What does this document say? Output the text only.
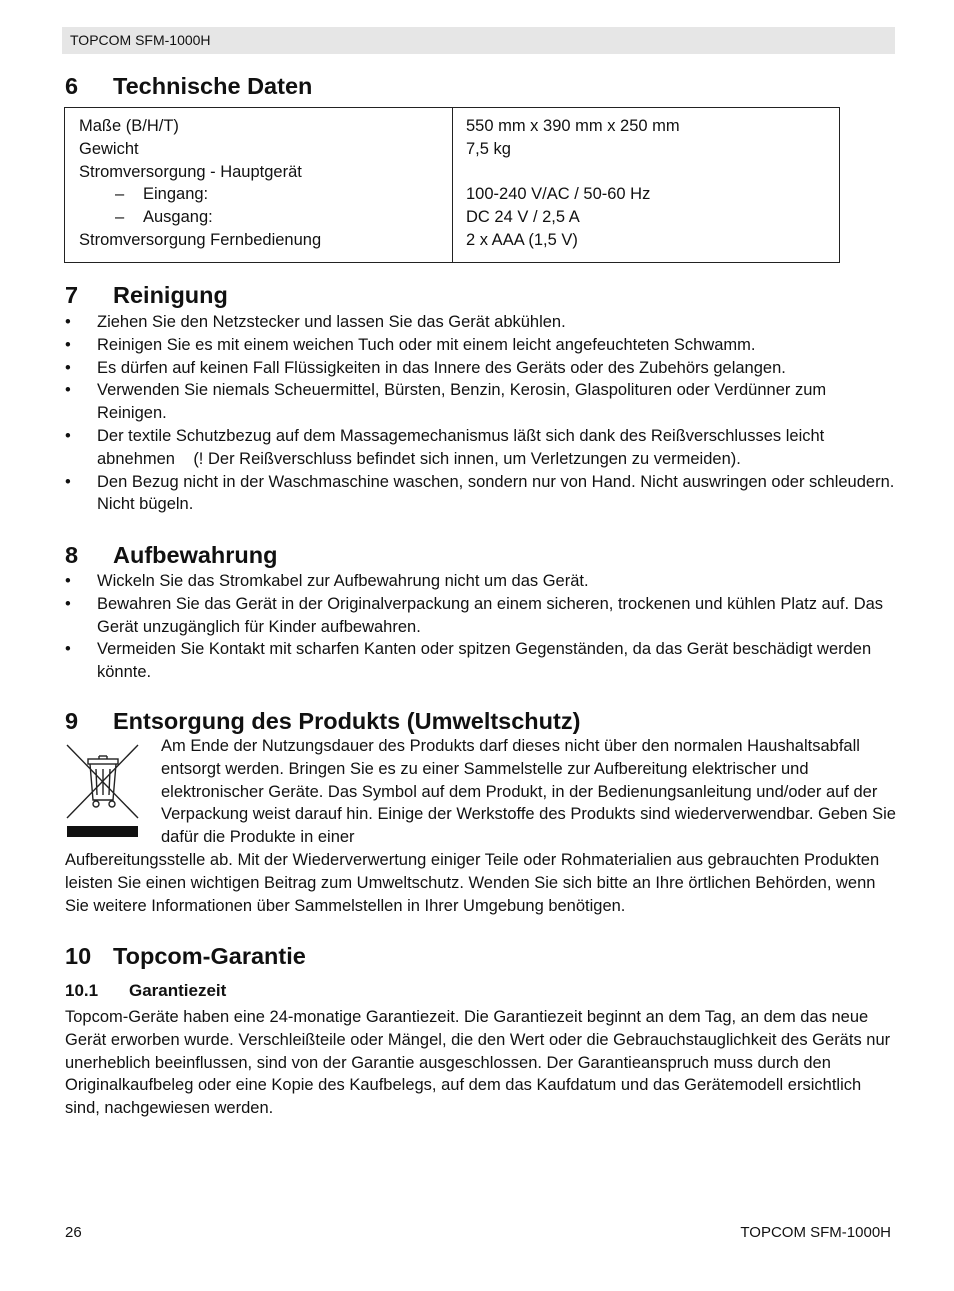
TOPCOM SFM-1000H
6 Technische Daten
Maße (B/H/T)
Gewicht
Stromversorgung - Hauptgerät
– Eingang:
– Ausgang:
Stromversorgung Fernbedienung
550 mm x 390 mm x 250 mm
7,5 kg
100-240 V/AC / 50-60 Hz
DC 24 V / 2,5 A
2 x AAA (1,5 V)
7 Reinigung
• Ziehen Sie den Netzstecker und lassen Sie das Gerät abkühlen.
• Reinigen Sie es mit einem weichen Tuch oder mit einem leicht angefeuchteten Schwamm.
• Es dürfen auf keinen Fall Flüssigkeiten in das Innere des Geräts oder des Zubehörs gelangen.
• Verwenden Sie niemals Scheuermittel, Bürsten, Benzin, Kerosin, Glaspolituren oder Verdünner zum Reinigen.
• Der textile Schutzbezug auf dem Massagemechanismus läßt sich dank des Reißverschlusses leicht abnehmen    (! Der Reißverschluss befindet sich innen, um Verletzungen zu vermeiden).
• Den Bezug nicht in der Waschmaschine waschen, sondern nur von Hand. Nicht auswringen oder schleudern. Nicht bügeln.
8 Aufbewahrung
• Wickeln Sie das Stromkabel zur Aufbewahrung nicht um das Gerät.
• Bewahren Sie das Gerät in der Originalverpackung an einem sicheren, trockenen und kühlen Platz auf. Das Gerät unzugänglich für Kinder aufbewahren.
• Vermeiden Sie Kontakt mit scharfen Kanten oder spitzen Gegenständen, da das Gerät beschädigt werden könnte.
9 Entsorgung des Produkts (Umweltschutz)

Am Ende der Nutzungsdauer des Produkts darf dieses nicht über den normalen Haushaltsabfall entsorgt werden. Bringen Sie es zu einer Sammelstelle zur Aufbereitung elektrischer und elektronischer Geräte. Das Symbol auf dem Produkt, in der Bedienungsanleitung und/oder auf der Verpackung weist darauf hin. Einige der Werkstoffe des Produkts sind wiederverwendbar. Geben Sie dafür die Produkte in einer

Aufbereitungsstelle ab. Mit der Wiederverwertung einiger Teile oder Rohmaterialien aus gebrauchten Produkten leisten Sie einen wichtigen Beitrag zum Umweltschutz. Wenden Sie sich bitte an Ihre örtlichen Behörden, wenn Sie weitere Informationen über Sammelstellen in Ihrer Umgebung benötigen.

10 Topcom-Garantie
10.1 Garantiezeit

Topcom-Geräte haben eine 24-monatige Garantiezeit. Die Garantiezeit beginnt an dem Tag, an dem das neue Gerät erworben wurde. Verschleißteile oder Mängel, die den Wert oder die Gebrauchstauglichkeit des Geräts nur unerheblich beeinflussen, sind von der Garantie ausgeschlossen. Der Garantieanspruch muss durch den Originalkaufbeleg oder eine Kopie des Kaufbelegs, auf dem das Kaufdatum und das Gerätemodell ersichtlich sind, nachgewiesen werden.

26	TOPCOM SFM-1000H
